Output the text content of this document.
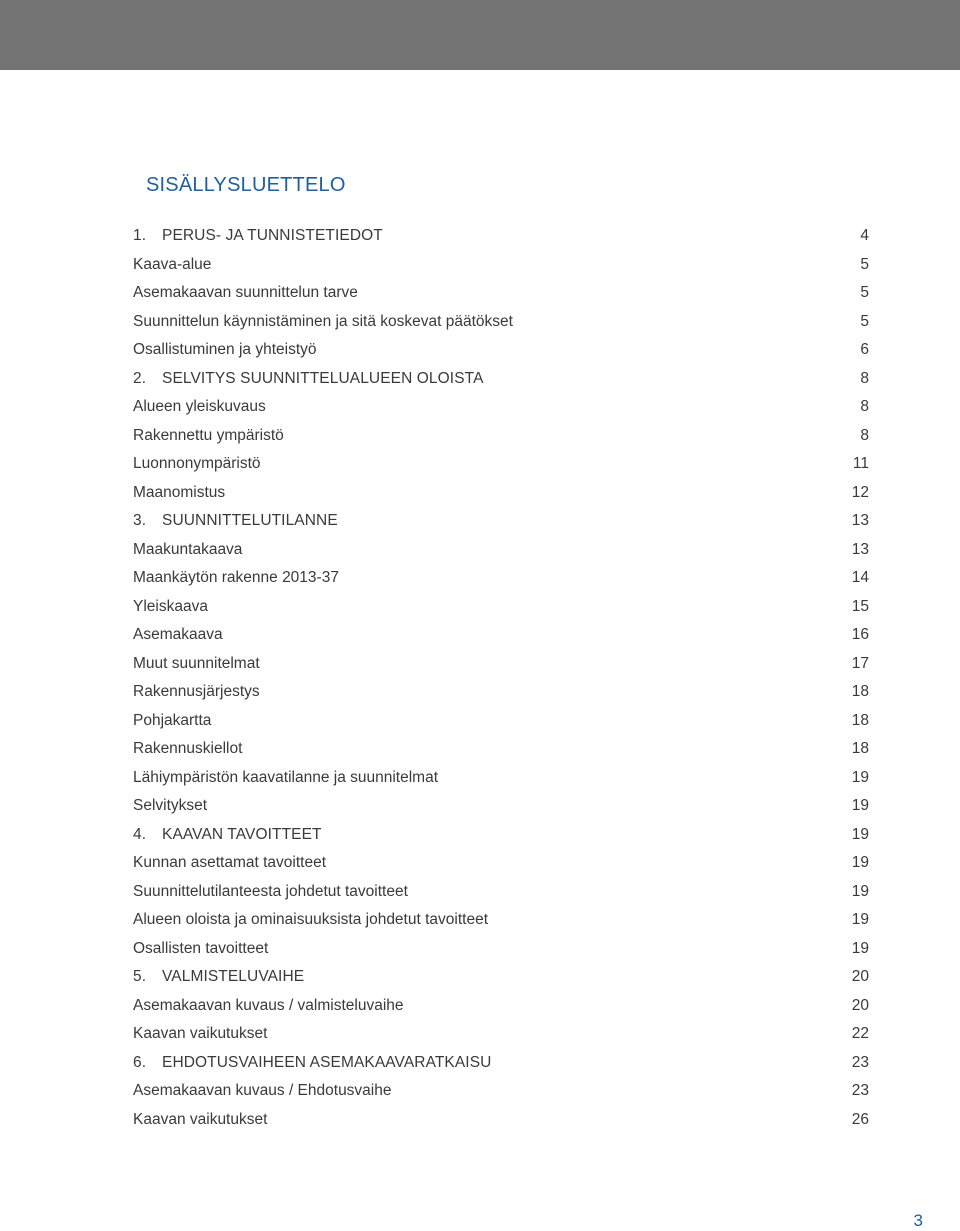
SISÄLLYSLUETTELO
1. PERUS- JA TUNNISTETIEDOT	4
Kaava-alue	5
Asemakaavan suunnittelun tarve	5
Suunnittelun käynnistäminen ja sitä koskevat päätökset	5
Osallistuminen ja yhteistyö	6
2. SELVITYS SUUNNITTELUALUEEN OLOISTA	8
Alueen yleiskuvaus	8
Rakennettu ympäristö	8
Luonnonympäristö	11
Maanomistus	12
3. SUUNNITTELUTILANNE	13
Maakuntakaava	13
Maankäytön rakenne 2013-37	14
Yleiskaava	15
Asemakaava	16
Muut suunnitelmat	17
Rakennusjärjestys	18
Pohjakartta	18
Rakennuskiellot	18
Lähiympäristön kaavatilanne ja suunnitelmat	19
Selvitykset	19
4. KAAVAN TAVOITTEET	19
Kunnan asettamat tavoitteet	19
Suunnittelutilanteesta johdetut tavoitteet	19
Alueen oloista ja ominaisuuksista johdetut tavoitteet	19
Osallisten tavoitteet	19
5. VALMISTELUVAIHE	20
Asemakaavan kuvaus / valmisteluvaihe	20
Kaavan vaikutukset	22
6. EHDOTUSVAIHEEN ASEMAKAAVARATKAISU	23
Asemakaavan kuvaus / Ehdotusvaihe	23
Kaavan vaikutukset	26
3
